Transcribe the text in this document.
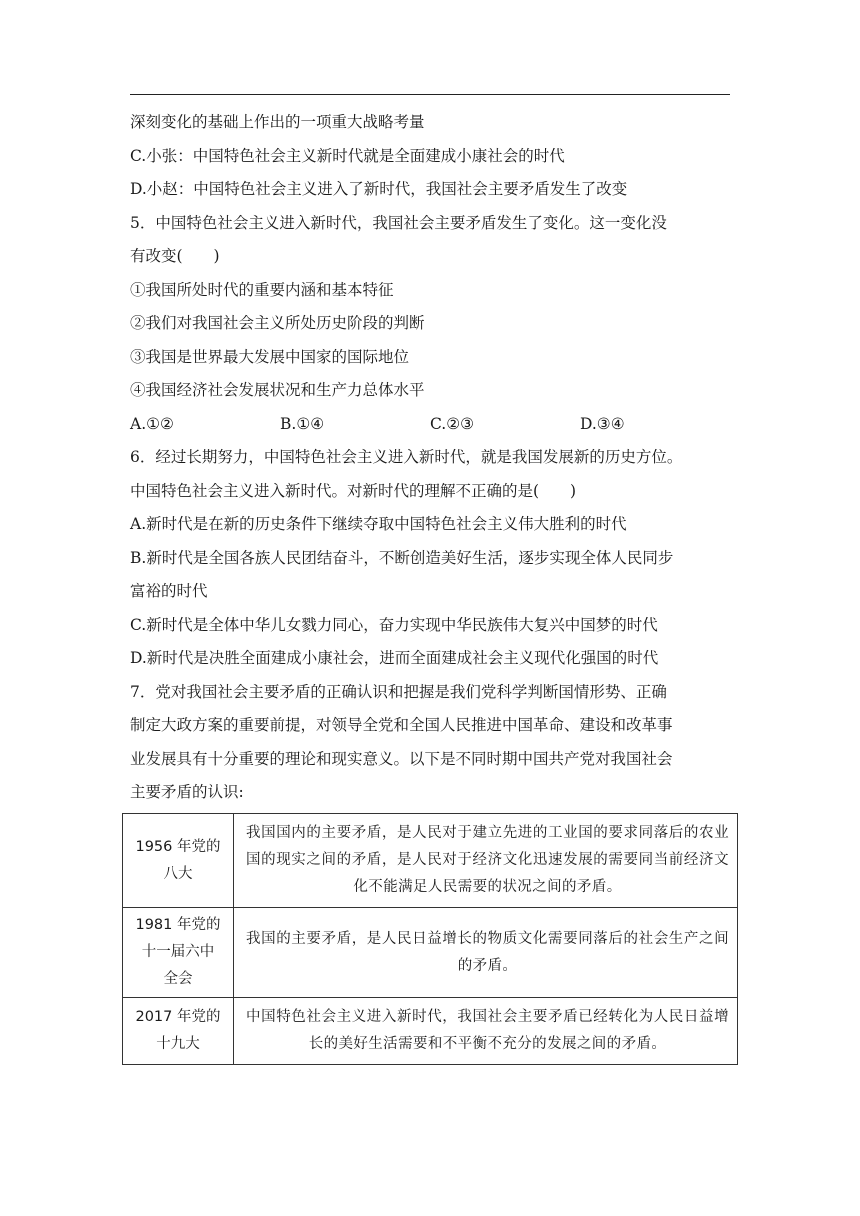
深刻变化的基础上作出的一项重大战略考量
C.小张：中国特色社会主义新时代就是全面建成小康社会的时代
D.小赵：中国特色社会主义进入了新时代，我国社会主要矛盾发生了改变
5．中国特色社会主义进入新时代，我国社会主要矛盾发生了变化。这一变化没
有改变(　　)
①我国所处时代的重要内涵和基本特征
②我们对我国社会主义所处历史阶段的判断
③我国是世界最大发展中国家的国际地位
④我国经济社会发展状况和生产力总体水平
A.①②	B.①④	C.②③	D.③④
6．经过长期努力，中国特色社会主义进入新时代，就是我国发展新的历史方位。
中国特色社会主义进入新时代。对新时代的理解不正确的是(　　)
A.新时代是在新的历史条件下继续夺取中国特色社会主义伟大胜利的时代
B.新时代是全国各族人民团结奋斗，不断创造美好生活，逐步实现全体人民同步
富裕的时代
C.新时代是全体中华儿女戮力同心，奋力实现中华民族伟大复兴中国梦的时代
D.新时代是决胜全面建成小康社会，进而全面建成社会主义现代化强国的时代
7．党对我国社会主要矛盾的正确认识和把握是我们党科学判断国情形势、正确
制定大政方案的重要前提，对领导全党和全国人民推进中国革命、建设和改革事
业发展具有十分重要的理论和现实意义。以下是不同时期中国共产党对我国社会
主要矛盾的认识:
1956 年党的
八大	我国国内的主要矛盾，是人民对于建立先进的工业国的要求同落后的农业国的现实之间的矛盾，是人民对于经济文化迅速发展的需要同当前经济文化不能满足人民需要的状况之间的矛盾。

1981 年党的
十一届六中
全会	我国的主要矛盾，是人民日益增长的物质文化需要同落后的社会生产之间的矛盾。

2017 年党的
十九大	中国特色社会主义进入新时代，我国社会主要矛盾已经转化为人民日益增长的美好生活需要和不平衡不充分的发展之间的矛盾。
